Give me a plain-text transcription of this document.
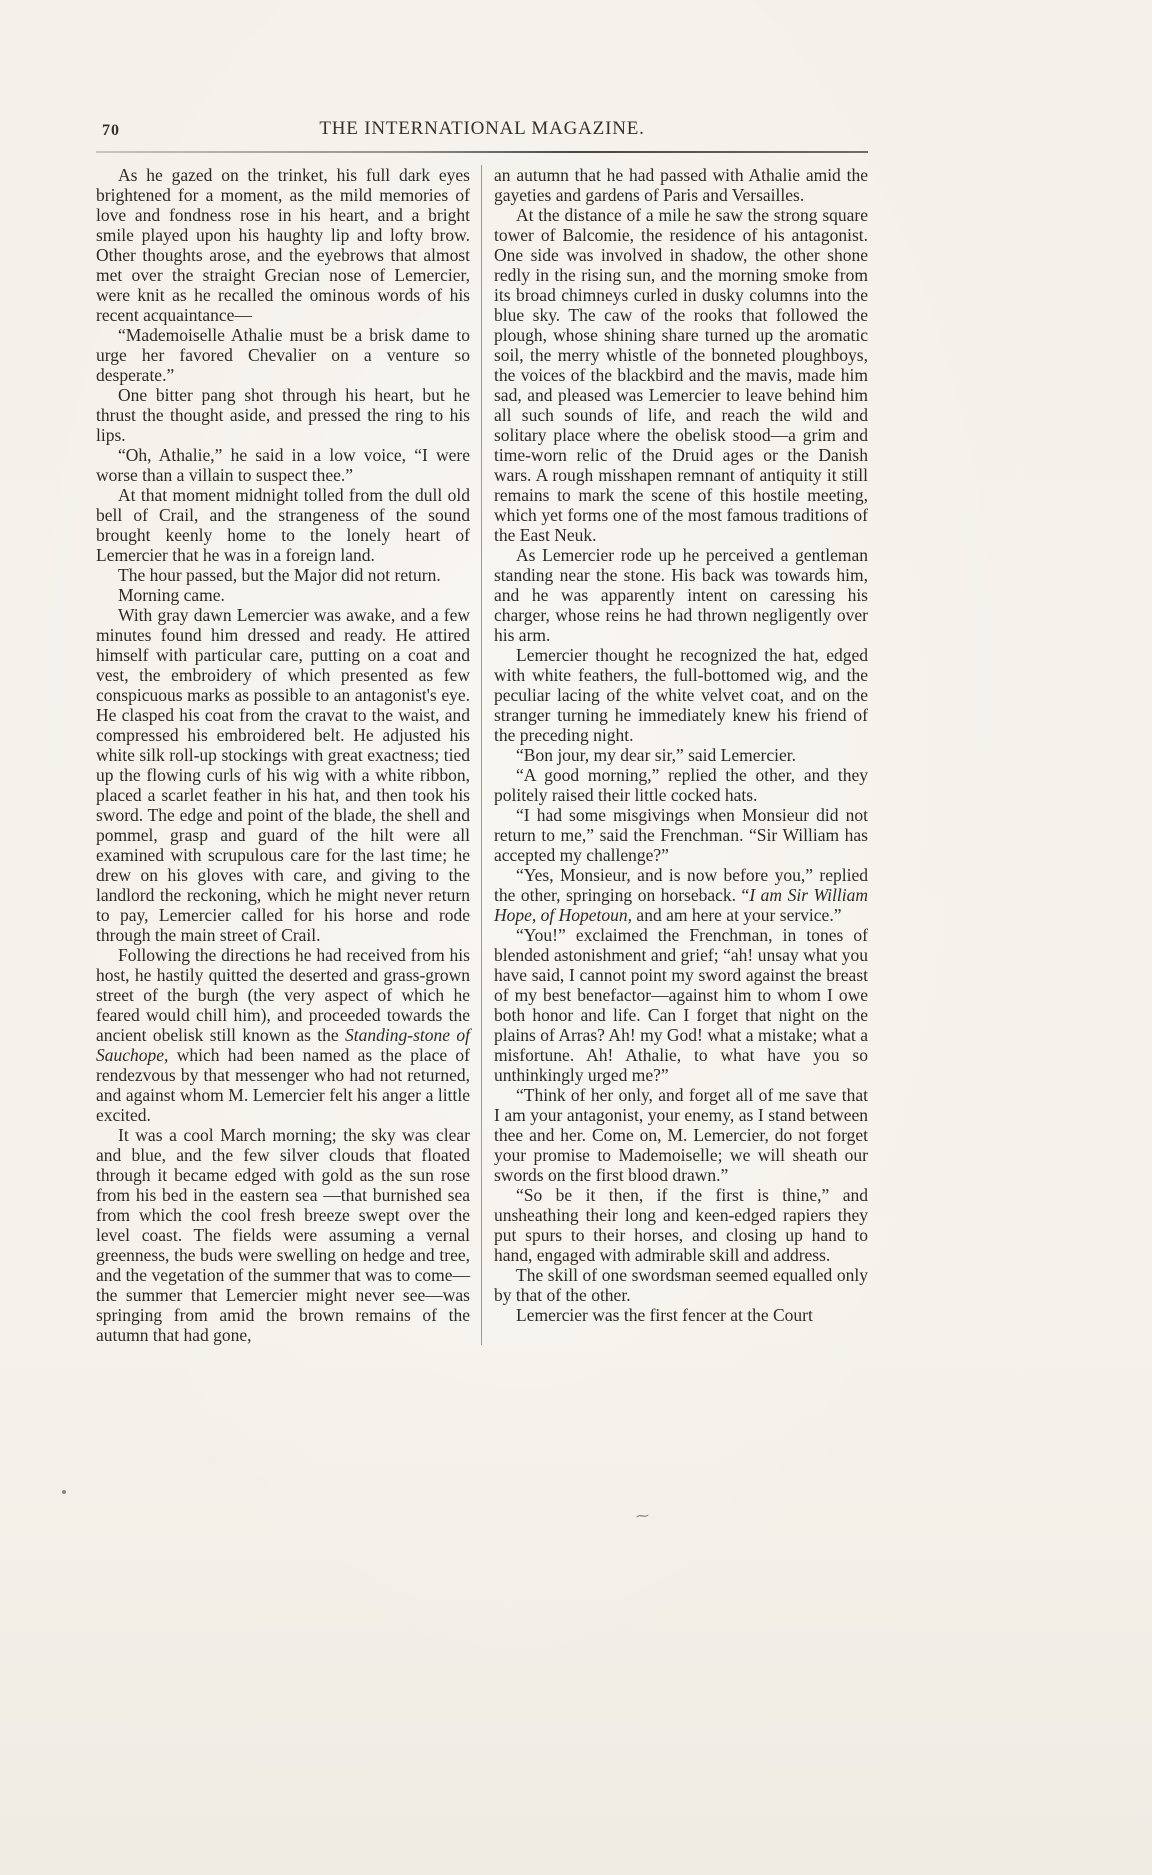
70	THE INTERNATIONAL MAGAZINE.

As he gazed on the trinket, his full dark eyes brightened for a moment, as the mild memories of love and fondness rose in his heart, and a bright smile played upon his haughty lip and lofty brow. Other thoughts arose, and the eyebrows that almost met over the straight Grecian nose of Lemercier, were knit as he recalled the ominous words of his recent acquaintance—

“Mademoiselle Athalie must be a brisk dame to urge her favored Chevalier on a venture so desperate.”

One bitter pang shot through his heart, but he thrust the thought aside, and pressed the ring to his lips.

“Oh, Athalie,” he said in a low voice, “I were worse than a villain to suspect thee.”

At that moment midnight tolled from the dull old bell of Crail, and the strangeness of the sound brought keenly home to the lonely heart of Lemercier that he was in a foreign land.

The hour passed, but the Major did not return.

Morning came.

With gray dawn Lemercier was awake, and a few minutes found him dressed and ready. He attired himself with particular care, putting on a coat and vest, the embroidery of which presented as few conspicuous marks as possible to an antagonist's eye. He clasped his coat from the cravat to the waist, and compressed his embroidered belt. He adjusted his white silk roll-up stockings with great exactness; tied up the flowing curls of his wig with a white ribbon, placed a scarlet feather in his hat, and then took his sword. The edge and point of the blade, the shell and pommel, grasp and guard of the hilt were all examined with scrupulous care for the last time; he drew on his gloves with care, and giving to the landlord the reckoning, which he might never return to pay, Lemercier called for his horse and rode through the main street of Crail.

Following the directions he had received from his host, he hastily quitted the deserted and grass-grown street of the burgh (the very aspect of which he feared would chill him), and proceeded towards the ancient obelisk still known as the Standing-stone of Sauchope, which had been named as the place of rendezvous by that messenger who had not returned, and against whom M. Lemercier felt his anger a little excited.

It was a cool March morning; the sky was clear and blue, and the few silver clouds that floated through it became edged with gold as the sun rose from his bed in the eastern sea —that burnished sea from which the cool fresh breeze swept over the level coast. The fields were assuming a vernal greenness, the buds were swelling on hedge and tree, and the vegetation of the summer that was to come—the summer that Lemercier might never see—was springing from amid the brown remains of the autumn that had gone,

an autumn that he had passed with Athalie amid the gayeties and gardens of Paris and Versailles.

At the distance of a mile he saw the strong square tower of Balcomie, the residence of his antagonist. One side was involved in shadow, the other shone redly in the rising sun, and the morning smoke from its broad chimneys curled in dusky columns into the blue sky. The caw of the rooks that followed the plough, whose shining share turned up the aromatic soil, the merry whistle of the bonneted ploughboys, the voices of the blackbird and the mavis, made him sad, and pleased was Lemercier to leave behind him all such sounds of life, and reach the wild and solitary place where the obelisk stood—a grim and time-worn relic of the Druid ages or the Danish wars. A rough misshapen remnant of antiquity it still remains to mark the scene of this hostile meeting, which yet forms one of the most famous traditions of the East Neuk.

As Lemercier rode up he perceived a gentleman standing near the stone. His back was towards him, and he was apparently intent on caressing his charger, whose reins he had thrown negligently over his arm.

Lemercier thought he recognized the hat, edged with white feathers, the full-bottomed wig, and the peculiar lacing of the white velvet coat, and on the stranger turning he immediately knew his friend of the preceding night.

“Bon jour, my dear sir,” said Lemercier.

“A good morning,” replied the other, and they politely raised their little cocked hats.

“I had some misgivings when Monsieur did not return to me,” said the Frenchman. “Sir William has accepted my challenge?”

“Yes, Monsieur, and is now before you,” replied the other, springing on horseback. “I am Sir William Hope, of Hopetoun, and am here at your service.”

“You!” exclaimed the Frenchman, in tones of blended astonishment and grief; “ah! unsay what you have said, I cannot point my sword against the breast of my best benefactor—against him to whom I owe both honor and life. Can I forget that night on the plains of Arras? Ah! my God! what a mistake; what a misfortune. Ah! Athalie, to what have you so unthinkingly urged me?”

“Think of her only, and forget all of me save that I am your antagonist, your enemy, as I stand between thee and her. Come on, M. Lemercier, do not forget your promise to Mademoiselle; we will sheath our swords on the first blood drawn.”

“So be it then, if the first is thine,” and unsheathing their long and keen-edged rapiers they put spurs to their horses, and closing up hand to hand, engaged with admirable skill and address.

The skill of one swordsman seemed equalled only by that of the other.

Lemercier was the first fencer at the Court

⁓
